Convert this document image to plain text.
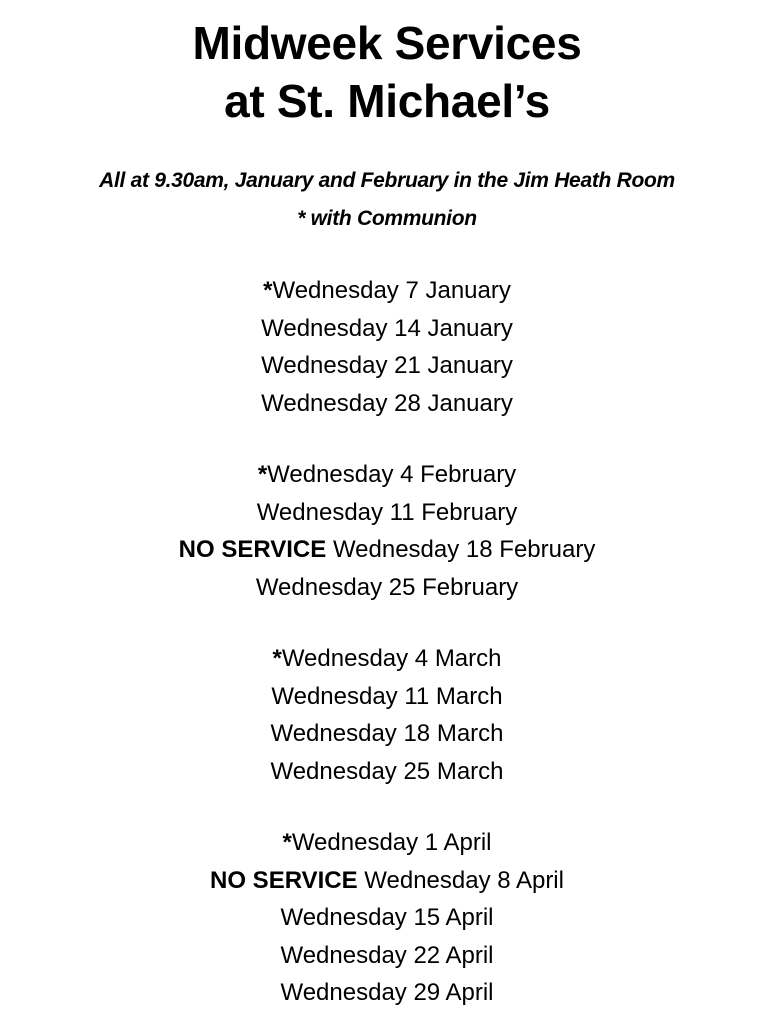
Midweek Services
at St. Michael’s
All at 9.30am, January and February in the Jim Heath Room
* with Communion
*Wednesday 7 January
Wednesday 14 January
Wednesday 21 January
Wednesday 28 January
*Wednesday 4 February
Wednesday 11 February
NO SERVICE Wednesday 18 February
Wednesday 25 February
*Wednesday 4 March
Wednesday 11 March
Wednesday 18 March
Wednesday 25 March
*Wednesday 1 April
NO SERVICE Wednesday 8 April
Wednesday 15 April
Wednesday 22 April
Wednesday 29 April
